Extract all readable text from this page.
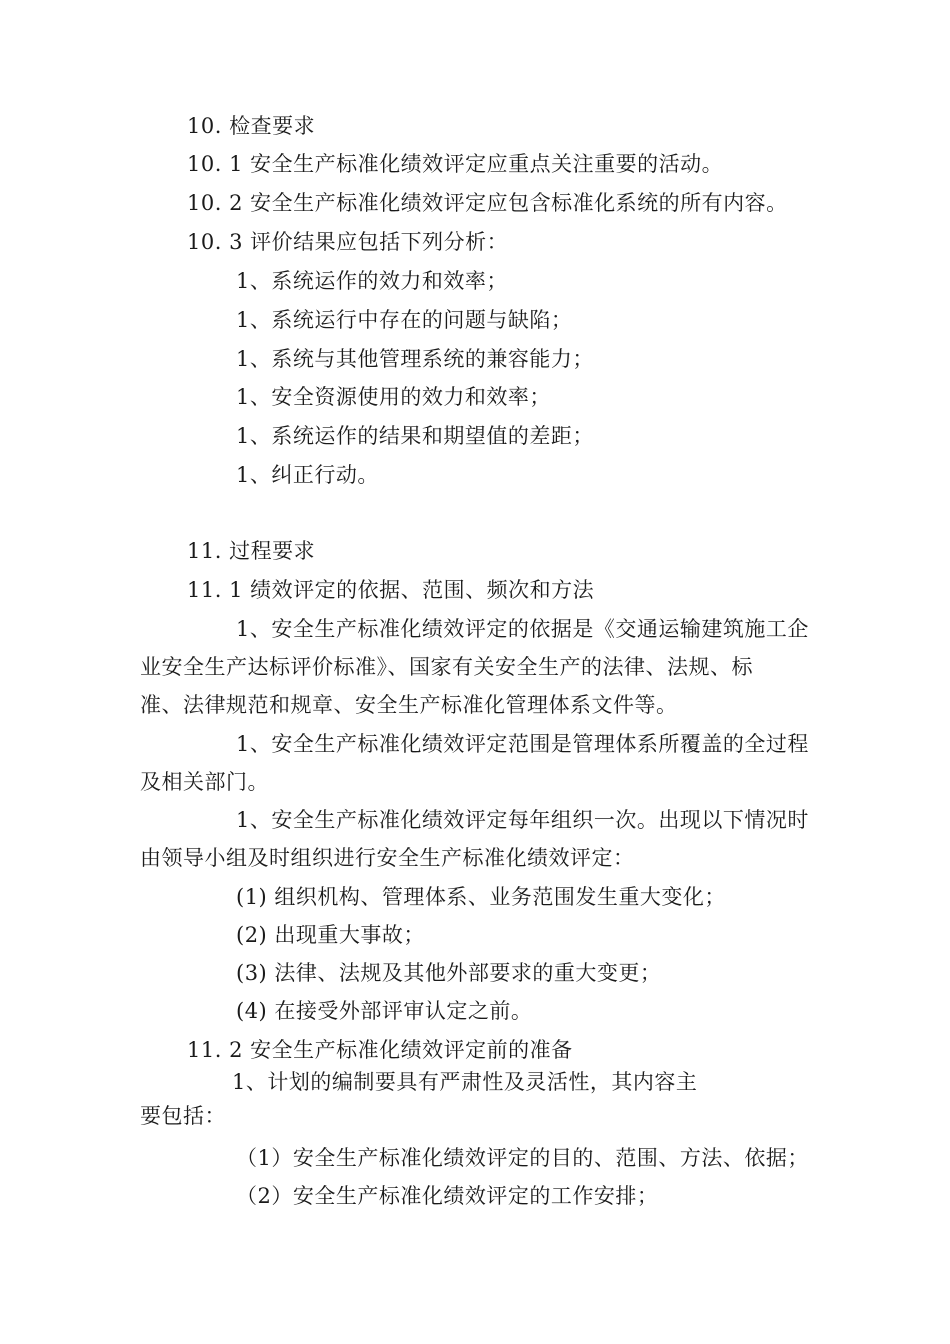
10. 检查要求
10. 1 安全生产标准化绩效评定应重点关注重要的活动。
10. 2 安全生产标准化绩效评定应包含标准化系统的所有内容。
10. 3 评价结果应包括下列分析：
1、系统运作的效力和效率；
1、系统运行中存在的问题与缺陷；
1、系统与其他管理系统的兼容能力；
1、安全资源使用的效力和效率；
1、系统运作的结果和期望值的差距；
1、纠正行动。
11. 过程要求
11. 1 绩效评定的依据、范围、频次和方法
1、安全生产标准化绩效评定的依据是《交通运输建筑施工企
业安全生产达标评价标准》、国家有关安全生产的法律、法规、标
准、法律规范和规章、安全生产标准化管理体系文件等。
1、安全生产标准化绩效评定范围是管理体系所覆盖的全过程
及相关部门。
1、安全生产标准化绩效评定每年组织一次。出现以下情况时
由领导小组及时组织进行安全生产标准化绩效评定：
(1) 组织机构、管理体系、业务范围发生重大变化；
(2) 出现重大事故；
(3) 法律、法规及其他外部要求的重大变更；
(4) 在接受外部评审认定之前。
11. 2 安全生产标准化绩效评定前的准备
1、计划的编制要具有严肃性及灵活性，其内容主
要包括：
（1）安全生产标准化绩效评定的目的、范围、方法、依据；
（2）安全生产标准化绩效评定的工作安排；
